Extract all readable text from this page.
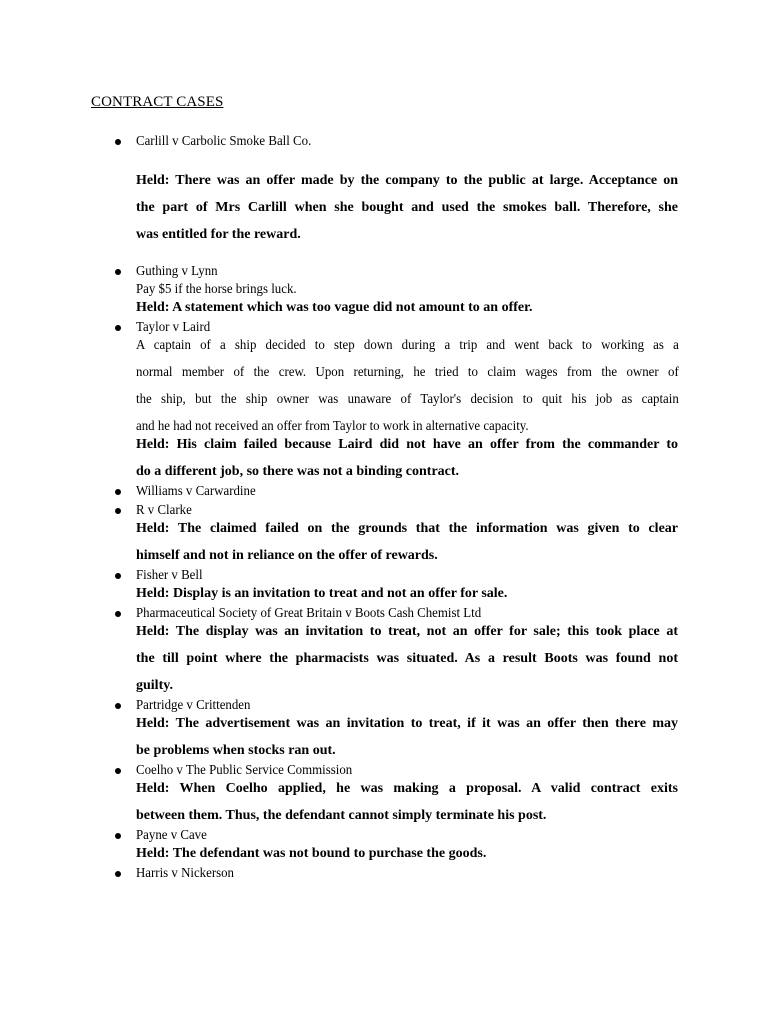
CONTRACT CASES
Carlill v Carbolic Smoke Ball Co.
Held: There was an offer made by the company to the public at large. Acceptance on
the part of Mrs Carlill when she bought and used the smokes ball. Therefore, she
was entitled for the reward.
Guthing v Lynn
Pay $5 if the horse brings luck.
Held: A statement which was too vague did not amount to an offer.
Taylor v Laird
A captain of a ship decided to step down during a trip and went back to working as a
normal member of the crew. Upon returning, he tried to claim wages from the owner of
the ship, but the ship owner was unaware of Taylor's decision to quit his job as captain
and he had not received an offer from Taylor to work in alternative capacity.
Held: His claim failed because Laird did not have an offer from the commander to
do a different job, so there was not a binding contract.
Williams v Carwardine
R v Clarke
Held: The claimed failed on the grounds that the information was given to clear
himself and not in reliance on the offer of rewards.
Fisher v Bell
Held: Display is an invitation to treat and not an offer for sale.
Pharmaceutical Society of Great Britain v Boots Cash Chemist Ltd
Held: The display was an invitation to treat, not an offer for sale; this took place at
the till point where the pharmacists was situated. As a result Boots was found not
guilty.
Partridge v Crittenden
Held: The advertisement was an invitation to treat, if it was an offer then there may
be problems when stocks ran out.
Coelho v The Public Service Commission
Held: When Coelho applied, he was making a proposal. A valid contract exits
between them. Thus, the defendant cannot simply terminate his post.
Payne v Cave
Held: The defendant was not bound to purchase the goods.
Harris v Nickerson
